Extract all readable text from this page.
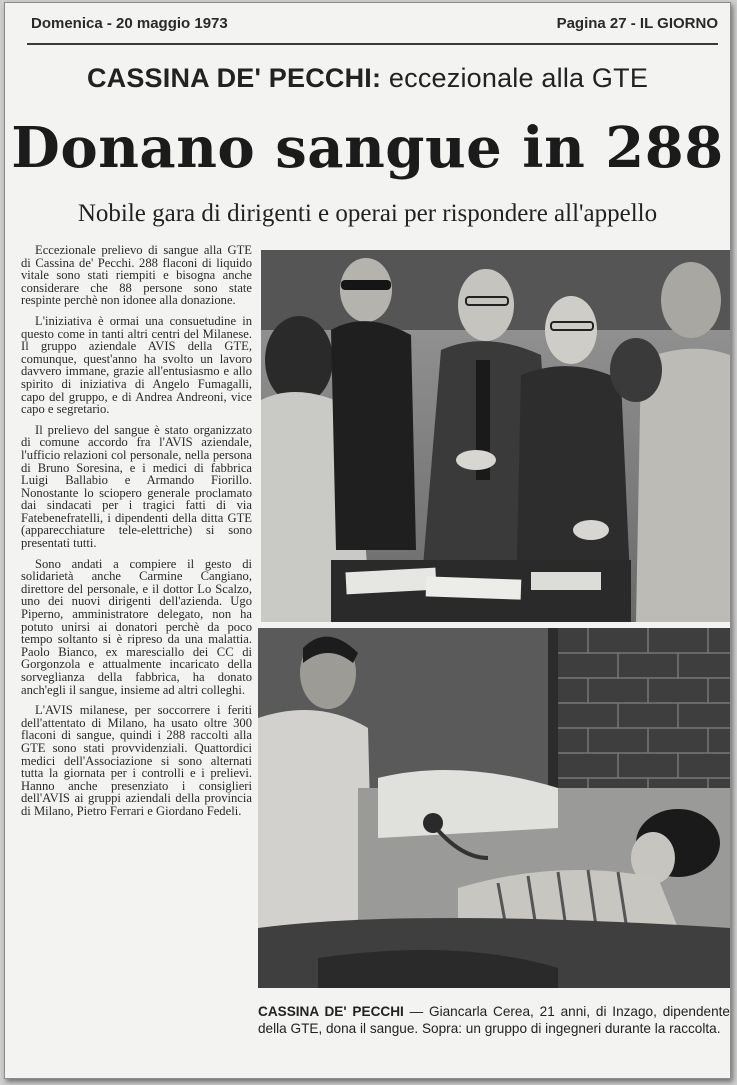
Domenica - 20 maggio 1973	Pagina 27 - IL GIORNO
CASSINA DE' PECCHI: eccezionale alla GTE
Donano sangue in 288
Nobile gara di dirigenti e operai per rispondere all'appello

Eccezionale prelievo di sangue alla GTE di Cassina de' Pecchi. 288 flaconi di liquido vitale sono stati riempiti e bisogna anche considerare che 88 persone sono state respinte perchè non idonee alla donazione.

L'iniziativa è ormai una consuetudine in questo come in tanti altri centri del Milanese. Il gruppo aziendale AVIS della GTE, comunque, quest'anno ha svolto un lavoro davvero immane, grazie all'entusiasmo e allo spirito di iniziativa di Angelo Fumagalli, capo del gruppo, e di Andrea Andreoni, vice capo e segretario.

Il prelievo del sangue è stato organizzato di comune accordo fra l'AVIS aziendale, l'ufficio relazioni col personale, nella persona di Bruno Soresina, e i medici di fabbrica Luigi Ballabio e Armando Fiorillo. Nonostante lo sciopero generale proclamato dai sindacati per i tragici fatti di via Fatebenefratelli, i dipendenti della ditta GTE (apparecchiature tele-elettriche) si sono presentati tutti.

Sono andati a compiere il gesto di solidarietà anche Carmine Cangiano, direttore del personale, e il dottor Lo Scalzo, uno dei nuovi dirigenti dell'azienda. Ugo Piperno, amministratore delegato, non ha potuto unirsi ai donatori perchè da poco tempo soltanto si è ripreso da una malattia. Paolo Bianco, ex maresciallo dei CC di Gorgonzola e attualmente incaricato della sorveglianza della fabbrica, ha donato anch'egli il sangue, insieme ad altri colleghi.

L'AVIS milanese, per soccorrere i feriti dell'attentato di Milano, ha usato oltre 300 flaconi di sangue, quindi i 288 raccolti alla GTE sono stati provvidenziali. Quattordici medici dell'Associazione si sono alternati tutta la giornata per i controlli e i prelievi. Hanno anche presenziato i consiglieri dell'AVIS ai gruppi aziendali della provincia di Milano, Pietro Ferrari e Giordano Fedeli.

CASSINA DE' PECCHI — Giancarla Cerea, 21 anni, di Inzago, dipendente della GTE, dona il sangue. Sopra: un gruppo di ingegneri durante la raccolta.
